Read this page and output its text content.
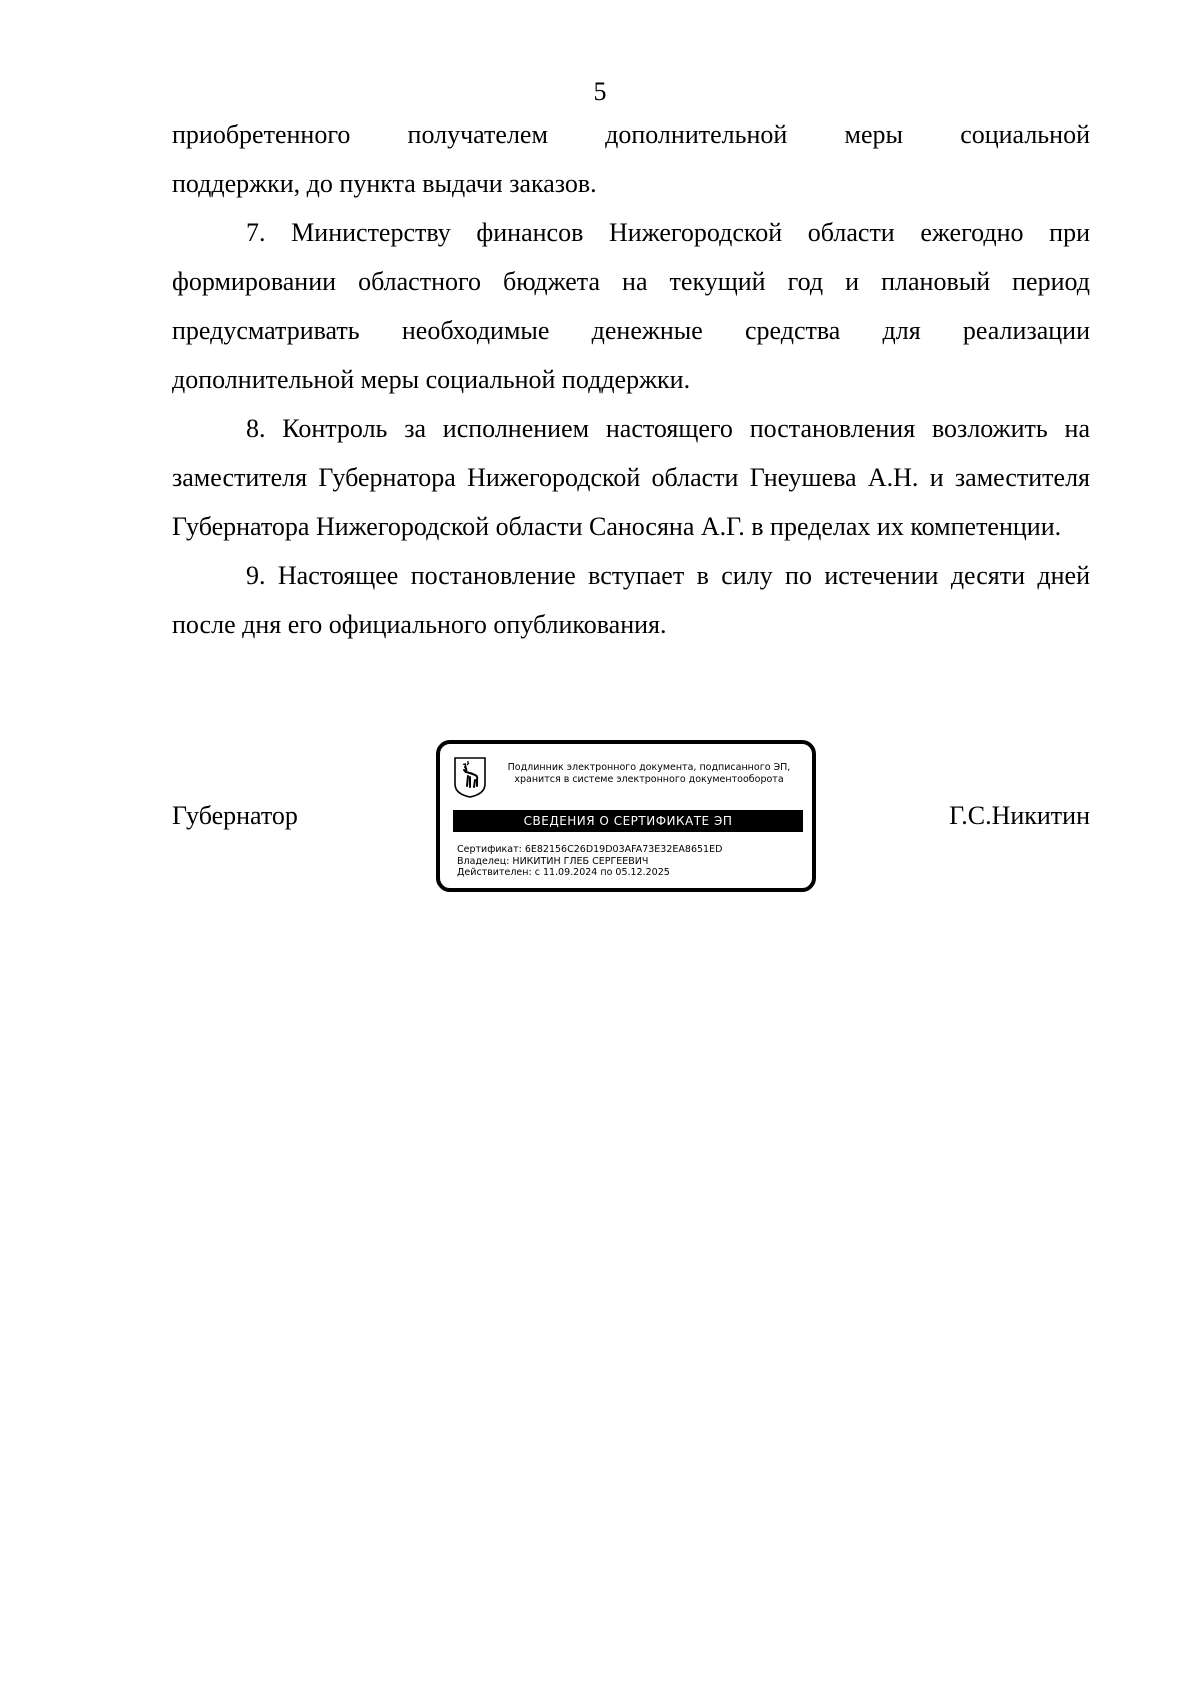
5

приобретенного получателем дополнительной меры социальной

поддержки, до пункта выдачи заказов.

7. Министерству финансов Нижегородской области ежегодно при формировании областного бюджета на текущий год и плановый период предусматривать необходимые денежные средства для реализации дополнительной меры социальной поддержки.

8. Контроль за исполнением настоящего постановления возложить на заместителя Губернатора Нижегородской области Гнеушева А.Н. и заместителя Губернатора Нижегородской области Саносяна А.Г. в пределах их компетенции.

9. Настоящее постановление вступает в силу по истечении десяти дней после дня его официального опубликования.

Губернатор
Подлинник электронного документа, подписанного ЭП,
хранится в системе электронного документооборота
СВЕДЕНИЯ О СЕРТИФИКАТЕ ЭП
Сертификат: 6E82156C26D19D03AFA73E32EA8651ED
Владелец: НИКИТИН ГЛЕБ СЕРГЕЕВИЧ
Действителен: с 11.09.2024 по 05.12.2025
Г.С.Никитин
